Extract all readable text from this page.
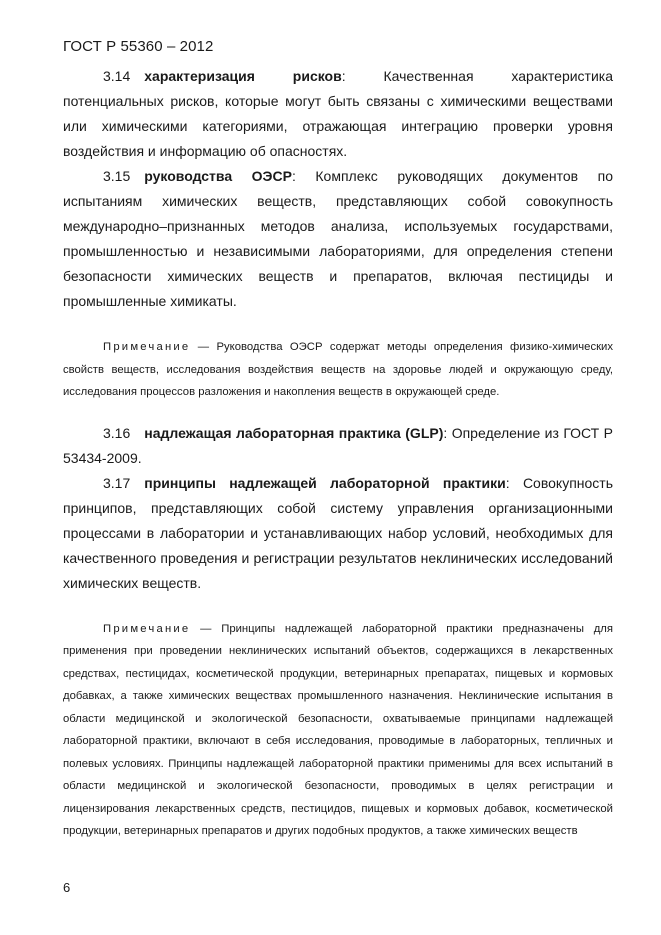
ГОСТ Р 55360 – 2012

3.14 характеризация рисков: Качественная характеристика потенциальных рисков, которые могут быть связаны с химическими веществами или химическими категориями, отражающая интеграцию проверки уровня воздействия и информацию об опасностях.

3.15 руководства ОЭСР: Комплекс руководящих документов по испытаниям химических веществ, представляющих собой совокупность международно–признанных методов анализа, используемых государствами, промышленностью и независимыми лабораториями, для определения степени безопасности химических веществ и препаратов, включая пестициды и промышленные химикаты.

Примечание — Руководства ОЭСР содержат методы определения физико-химических свойств веществ, исследования воздействия веществ на здоровье людей и окружающую среду, исследования процессов разложения и накопления веществ в окружающей среде.

3.16 надлежащая лабораторная практика (GLP): Определение из ГОСТ Р 53434-2009.

3.17 принципы надлежащей лабораторной практики: Совокупность принципов, представляющих собой систему управления организационными процессами в лаборатории и устанавливающих набор условий, необходимых для качественного проведения и регистрации результатов неклинических исследований химических веществ.

Примечание — Принципы надлежащей лабораторной практики предназначены для применения при проведении неклинических испытаний объектов, содержащихся в лекарственных средствах, пестицидах, косметической продукции, ветеринарных препаратах, пищевых и кормовых добавках, а также химических веществах промышленного назначения. Неклинические испытания в области медицинской и экологической безопасности, охватываемые принципами надлежащей лабораторной практики, включают в себя исследования, проводимые в лабораторных, тепличных и полевых условиях. Принципы надлежащей лабораторной практики применимы для всех испытаний в области медицинской и экологической безопасности, проводимых в целях регистрации и лицензирования лекарственных средств, пестицидов, пищевых и кормовых добавок, косметической продукции, ветеринарных препаратов и других подобных продуктов, а также химических веществ

6
